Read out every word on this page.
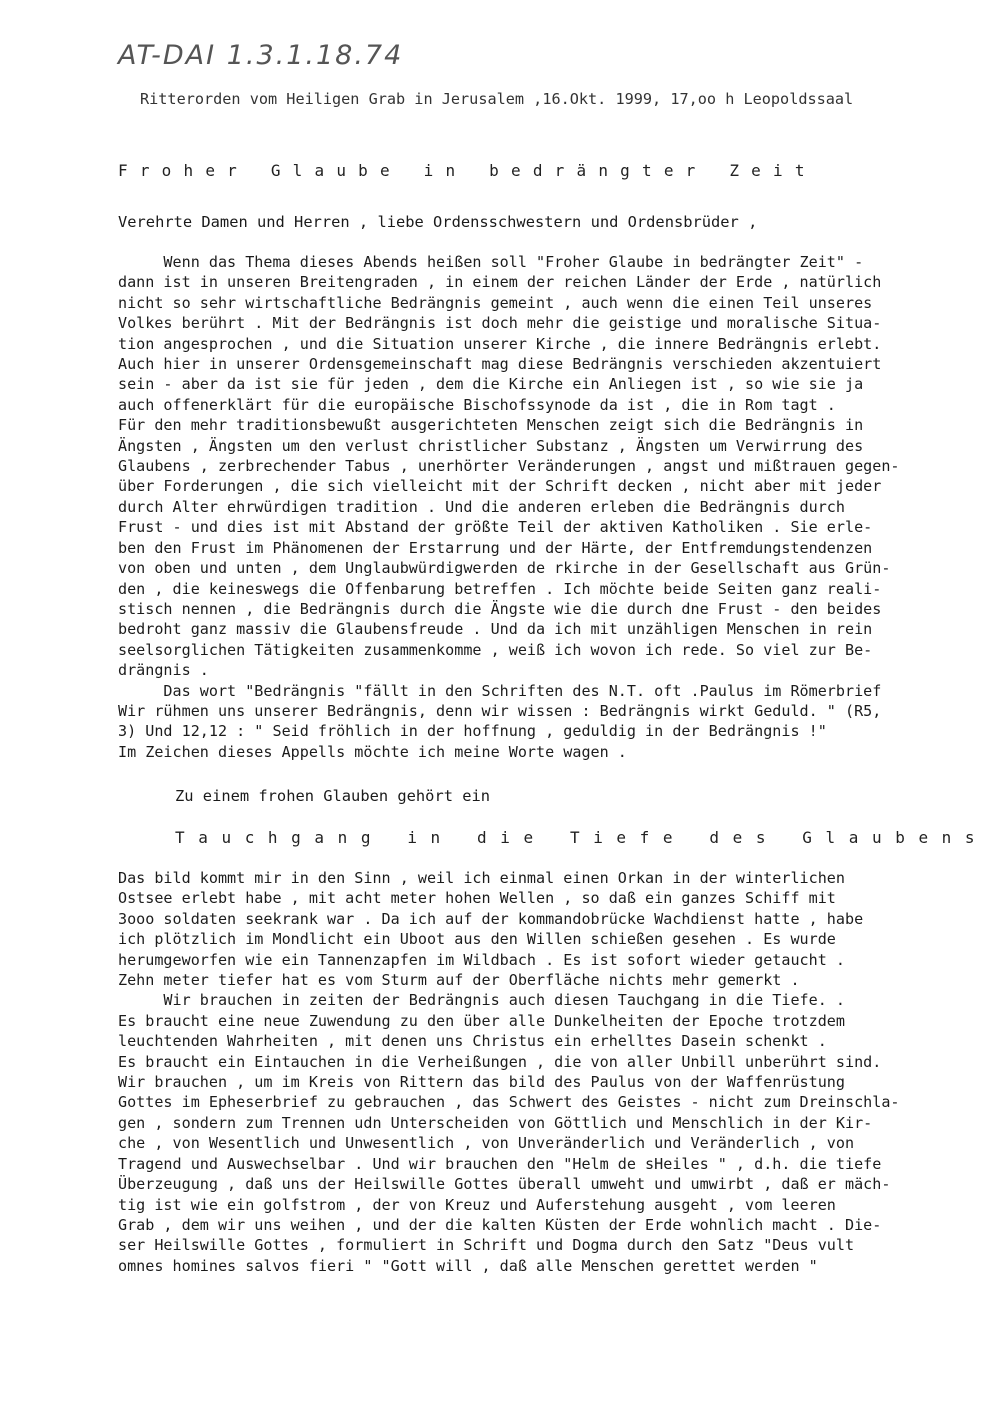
AT-DAI 1.3.1.18.74
Ritterorden vom Heiligen Grab in Jerusalem ,16.Okt. 1999, 17,oo h Leopoldssaal
Froher Glaube in bedrängter Zeit
Verehrte Damen und Herren , liebe Ordensschwestern und Ordensbrüder ,
Wenn das Thema dieses Abends heißen soll "Froher Glaube in bedrängter Zeit" -
dann ist in unseren Breitengraden , in einem der reichen Länder der Erde , natürlich
nicht so sehr wirtschaftliche Bedrängnis gemeint , auch wenn die einen Teil unseres
Volkes berührt . Mit der Bedrängnis ist doch mehr die geistige und moralische Situa-
tion angesprochen , und die Situation unserer Kirche , die innere Bedrängnis erlebt.
Auch hier in unserer Ordensgemeinschaft mag diese Bedrängnis verschieden akzentuiert
sein - aber da ist sie für jeden , dem die Kirche ein Anliegen ist , so wie sie ja
auch offenerklärt für die europäische Bischofssynode da ist , die in Rom tagt .
Für den mehr traditionsbewußt ausgerichteten Menschen zeigt sich die Bedrängnis in
Ängsten , Ängsten um den verlust christlicher Substanz , Ängsten um Verwirrung des
Glaubens , zerbrechender Tabus , unerhörter Veränderungen , angst und mißtrauen gegen-
über Forderungen , die sich vielleicht mit der Schrift decken , nicht aber mit jeder
durch Alter ehrwürdigen tradition . Und die anderen erleben die Bedrängnis durch
Frust - und dies ist mit Abstand der größte Teil der aktiven Katholiken . Sie erle-
ben den Frust im Phänomenen der Erstarrung und der Härte, der Entfremdungstendenzen
von oben und unten , dem Unglaubwürdigwerden de rkirche in der Gesellschaft aus Grün-
den , die keineswegs die Offenbarung betreffen . Ich möchte beide Seiten ganz reali-
stisch nennen , die Bedrängnis durch die Ängste wie die durch dne Frust - den beides
bedroht ganz massiv die Glaubensfreude . Und da ich mit unzähligen Menschen in rein
seelsorglichen Tätigkeiten zusammenkomme , weiß ich wovon ich rede. So viel zur Be-
drängnis .
Das wort "Bedrängnis "fällt in den Schriften des N.T. oft .Paulus im Römerbrief
Wir rühmen uns unserer Bedrängnis, denn wir wissen : Bedrängnis wirkt Geduld. " (R5,
3) Und 12,12 : " Seid fröhlich in der hoffnung , geduldig in der Bedrängnis !"
Im Zeichen dieses Appells möchte ich meine Worte wagen .
Zu einem frohen Glauben gehört ein
Tauchgang in die Tiefe des Glaubens
Das bild kommt mir in den Sinn , weil ich einmal einen Orkan in der winterlichen
Ostsee erlebt habe , mit acht meter hohen Wellen , so daß ein ganzes Schiff mit
3ooo soldaten seekrank war . Da ich auf der kommandobrücke Wachdienst hatte , habe
ich plötzlich im Mondlicht ein Uboot aus den Willen schießen gesehen . Es wurde
herumgeworfen wie ein Tannenzapfen im Wildbach . Es ist sofort wieder getaucht .
Zehn meter tiefer hat es vom Sturm auf der Oberfläche nichts mehr gemerkt .
Wir brauchen in zeiten der Bedrängnis auch diesen Tauchgang in die Tiefe. .
Es braucht eine neue Zuwendung zu den über alle Dunkelheiten der Epoche trotzdem
leuchtenden Wahrheiten , mit denen uns Christus ein erhelltes Dasein schenkt .
Es braucht ein Eintauchen in die Verheißungen , die von aller Unbill unberührt sind.
Wir brauchen , um im Kreis von Rittern das bild des Paulus von der Waffenrüstung
Gottes im Epheserbrief zu gebrauchen , das Schwert des Geistes - nicht zum Dreinschla-
gen , sondern zum Trennen udn Unterscheiden von Göttlich und Menschlich in der Kir-
che , von Wesentlich und Unwesentlich , von Unveränderlich und Veränderlich , von
Tragend und Auswechselbar . Und wir brauchen den "Helm de sHeiles " , d.h. die tiefe
Überzeugung , daß uns der Heilswille Gottes überall umweht und umwirbt , daß er mäch-
tig ist wie ein golfstrom , der von Kreuz und Auferstehung ausgeht , vom leeren
Grab , dem wir uns weihen , und der die kalten Küsten der Erde wohnlich macht . Die-
ser Heilswille Gottes , formuliert in Schrift und Dogma durch den Satz "Deus vult
omnes homines salvos fieri " "Gott will , daß alle Menschen gerettet werden "
